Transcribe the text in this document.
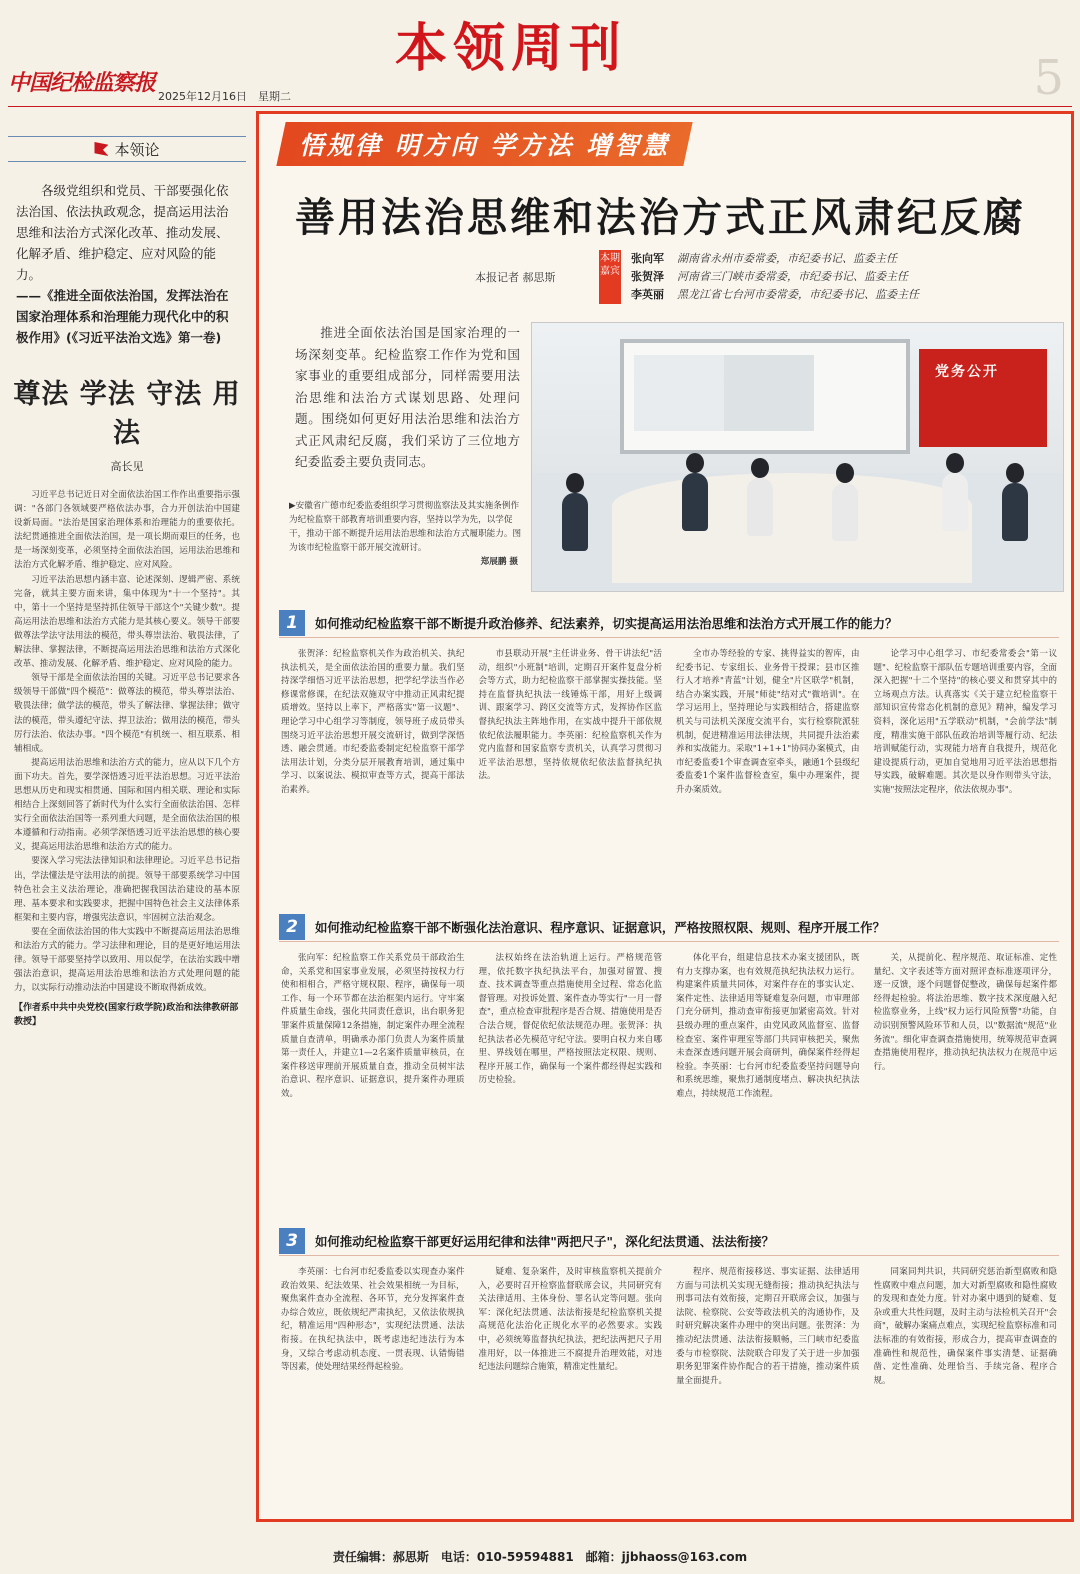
本领周刊
中国纪检监察报
2025年12月16日　星期二	5
本领论

各级党组织和党员、干部要强化依法治国、依法执政观念，提高运用法治思维和法治方式深化改革、推动发展、化解矛盾、维护稳定、应对风险的能力。

——《推进全面依法治国，发挥法治在国家治理体系和治理能力现代化中的积极作用》(《习近平法治文选》第一卷)

尊法 学法 守法 用法
高长见

习近平总书记近日对全面依法治国工作作出重要指示强调："各部门各领域要严格依法办事，合力开创法治中国建设新局面。"法治是国家治理体系和治理能力的重要依托。法纪贯通推进全面依法治国，是一项长期而艰巨的任务，也是一场深刻变革，必须坚持全面依法治国，运用法治思维和法治方式化解矛盾、维护稳定、应对风险。

习近平法治思想内涵丰富、论述深刻、逻辑严密、系统完备，就其主要方面来讲，集中体现为"十一个坚持"。其中，第十一个坚持是坚持抓住领导干部这个"关键少数"。提高运用法治思维和法治方式能力是其核心要义。领导干部要做尊法学法守法用法的模范，带头尊崇法治、敬畏法律，了解法律、掌握法律，不断提高运用法治思维和法治方式深化改革、推动发展、化解矛盾、维护稳定、应对风险的能力。

领导干部是全面依法治国的关键。习近平总书记要求各级领导干部做"四个模范"：做尊法的模范，带头尊崇法治、敬畏法律；做学法的模范，带头了解法律、掌握法律；做守法的模范，带头遵纪守法、捍卫法治；做用法的模范，带头厉行法治、依法办事。"四个模范"有机统一、相互联系、相辅相成。

提高运用法治思维和法治方式的能力，应从以下几个方面下功夫。首先，要学深悟透习近平法治思想。习近平法治思想从历史和现实相贯通、国际和国内相关联、理论和实际相结合上深刻回答了新时代为什么实行全面依法治国、怎样实行全面依法治国等一系列重大问题，是全面依法治国的根本遵循和行动指南。必须学深悟透习近平法治思想的核心要义，提高运用法治思维和法治方式的能力。

要深入学习宪法法律知识和法律理论。习近平总书记指出，学法懂法是守法用法的前提。领导干部要系统学习中国特色社会主义法治理论，准确把握我国法治建设的基本原理、基本要求和实践要求，把握中国特色社会主义法律体系框架和主要内容，增强宪法意识，牢固树立法治观念。

要在全面依法治国的伟大实践中不断提高运用法治思维和法治方式的能力。学习法律和理论，目的是更好地运用法律。领导干部要坚持学以致用、用以促学，在法治实践中增强法治意识，提高运用法治思维和法治方式处理问题的能力，以实际行动推动法治中国建设不断取得新成效。

【作者系中共中央党校(国家行政学院)政治和法律教研部教授】
悟规律 明方向 学方法 增智慧
善用法治思维和法治方式正风肃纪反腐
本报记者 郝思斯
本期嘉宾
张向军	湖南省永州市委常委，市纪委书记、监委主任
张贺泽	河南省三门峡市委常委，市纪委书记、监委主任
李英丽	黑龙江省七台河市委常委，市纪委书记、监委主任

推进全面依法治国是国家治理的一场深刻变革。纪检监察工作作为党和国家事业的重要组成部分，同样需要用法治思维和法治方式谋划思路、处理问题。围绕如何更好用法治思维和法治方式正风肃纪反腐，我们采访了三位地方纪委监委主要负责同志。

▶安徽省广德市纪委监委组织学习贯彻监察法及其实施条例作为纪检监察干部教育培训重要内容，坚持以学为先，以学促干，推动干部不断提升运用法治思维和法治方式履职能力。图为该市纪检监察干部开展交流研讨。
郑展鹏 摄
党务公开
1	如何推动纪检监察干部不断提升政治修养、纪法素养，切实提高运用法治思维和法治方式开展工作的能力？

张贺泽：纪检监察机关作为政治机关、执纪执法机关，是全面依法治国的重要力量。我们坚持深学细悟习近平法治思想，把学纪学法当作必修课常修课，在纪法双施双守中推动正风肃纪提质增效。坚持以上率下，严格落实"第一议题"、理论学习中心组学习等制度，领导班子成员带头围绕习近平法治思想开展交流研讨，做到学深悟透、融会贯通。市纪委监委制定纪检监察干部学法用法计划，分类分层开展教育培训，通过集中学习、以案说法、模拟审查等方式，提高干部法治素养。

市县联动开展"主任讲业务、骨干讲法纪"活动，组织"小班制"培训，定期召开案件复盘分析会等方式，助力纪检监察干部掌握实操技能。坚持在监督执纪执法一线锤炼干部，用好上级调训、跟案学习、跨区交流等方式，发挥协作区监督执纪执法主阵地作用，在实战中提升干部依规依纪依法履职能力。李英丽：纪检监察机关作为党内监督和国家监察专责机关，认真学习贯彻习近平法治思想，坚持依规依纪依法监督执纪执法。

全市办等经验的专家、挑得益实的智库，由纪委书记、专家组长、业务骨干授课；县市区推行人才培养"青蓝"计划，健全"片区联学"机制，结合办案实践，开展"师徒"结对式"微培训"。在学习运用上，坚持理论与实践相结合，搭建监察机关与司法机关深度交流平台，实行检察院派驻机制，促进精准运用法律法规，共同提升法治素养和实战能力。采取"1+1+1"协同办案模式，由市纪委监委1个审查调查室牵头，融通1个县级纪委监委1个案件监督检查室，集中办理案件，提升办案质效。

论学习中心组学习、市纪委常委会"第一议题"、纪检监察干部队伍专题培训重要内容，全面深入把握"十二个坚持"的核心要义和贯穿其中的立场观点方法。认真落实《关于建立纪检监察干部知识宣传常态化机制的意见》精神，编发学习资料，深化运用"五学联动"机制，"会前学法"制度，精准实施干部队伍政治培训等履行动、纪法培训赋能行动，实现能力培育自我提升，规范化建设提质行动，更加自觉地用习近平法治思想指导实践，破解难题。其次是以身作则带头守法，实施"按照法定程序，依法依规办事"。

2	如何推动纪检监察干部不断强化法治意识、程序意识、证据意识，严格按照权限、规则、程序开展工作？

张向军：纪检监察工作关系党员干部政治生命，关系党和国家事业发展，必须坚持按权力行使和相相合，严格守规权限、程序，确保每一项工作、每一个环节都在法治框架内运行。守牢案件质量生命线，强化共同责任意识，出台职务犯罪案件质量保障12条措施，制定案件办理全流程质量自查清单，明确承办部门负责人为案件质量第一责任人，并建立1—2名案件质量审核员，在案件移送审理前开展质量自查，推动全员树牢法治意识、程序意识、证据意识，提升案件办理质效。

法权始终在法治轨道上运行。严格规范管理，依托数字执纪执法平台，加强对留置、搜查、技术调查等重点措施使用全过程、常态化监督管理。对投诉处置、案件查办等实行"一月一督查"，重点检查审批程序是否合规、措施使用是否合法合规，督促依纪依法规范办理。张贺泽：执纪执法者必先模范守纪守法。要明白权力来自哪里、界线划在哪里，严格按照法定权限、规则、程序开展工作，确保每一个案件都经得起实践和历史检验。

体化平台，组建信息技术办案支援团队，既有力支撑办案，也有效规范执纪执法权力运行。构建案件质量共同体，对案件存在的事实认定、案件定性、法律适用等疑难复杂问题，市审理部门充分研判，推动查审衔接更加紧密高效。针对县级办理的重点案件，由党风政风监督室、监督检查室、案件审理室等部门共同审核把关，聚焦未查深查透问题开展会商研判，确保案件经得起检验。李英丽：七台河市纪委监委坚持问题导向和系统思维，聚焦打通制度堵点、解决执纪执法难点，持续规范工作流程。

关，从提前化、程序规范、取证标准、定性量纪、文字表述等方面对照评查标准逐项评分，逐一反馈，逐个问题督促整改，确保每起案件都经得起检验。将法治思维、数字技术深度融入纪检监察业务，上线"权力运行风险预警"功能，自动识别预警风险环节和人员，以"数据流"规范"业务流"。细化审查调查措施使用，统筹规范审查调查措施使用程序，推动执纪执法权力在规范中运行。

3	如何推动纪检监察干部更好运用纪律和法律"两把尺子"，深化纪法贯通、法法衔接？

李英丽：七台河市纪委监委以实现查办案件政治效果、纪法效果、社会效果相统一为目标，聚焦案件查办全流程、各环节，充分发挥案件查办综合效应，既依规纪严肃执纪，又依法依规执纪，精准运用"四种形态"，实现纪法贯通、法法衔接。在执纪执法中，既考虑违纪违法行为本身，又综合考虑动机态度、一贯表现、认错悔错等因素，使处理结果经得起检验。

疑难、复杂案件，及时审核监察机关提前介入，必要时召开检察监督联席会议，共同研究有关法律适用、主体身份、罪名认定等问题。张向军：深化纪法贯通、法法衔接是纪检监察机关提高规范化法治化正规化水平的必然要求。实践中，必须统筹监督执纪执法，把纪法两把尺子用准用好，以一体推进三不腐提升治理效能，对违纪违法问题综合施策，精准定性量纪。

程序、规范衔接移送、事实证据、法律适用方面与司法机关实现无缝衔接；推动执纪执法与刑事司法有效衔接，定期召开联席会议，加强与法院、检察院、公安等政法机关的沟通协作，及时研究解决案件办理中的突出问题。张贺泽：为推动纪法贯通、法法衔接顺畅，三门峡市纪委监委与市检察院、法院联合印发了关于进一步加强职务犯罪案件协作配合的若干措施，推动案件质量全面提升。

同案同判共识，共同研究惩治新型腐败和隐性腐败中难点问题，加大对新型腐败和隐性腐败的发现和查处力度。针对办案中遇到的疑难、复杂或重大共性问题，及时主动与法检机关召开"会商"，破解办案痛点难点，实现纪检监察标准和司法标准的有效衔接，形成合力，提高审查调查的准确性和规范性，确保案件事实清楚、证据确凿、定性准确、处理恰当、手续完备、程序合规。

责任编辑：郝思斯　电话：010-59594881　邮箱：jjbhaoss@163.com
